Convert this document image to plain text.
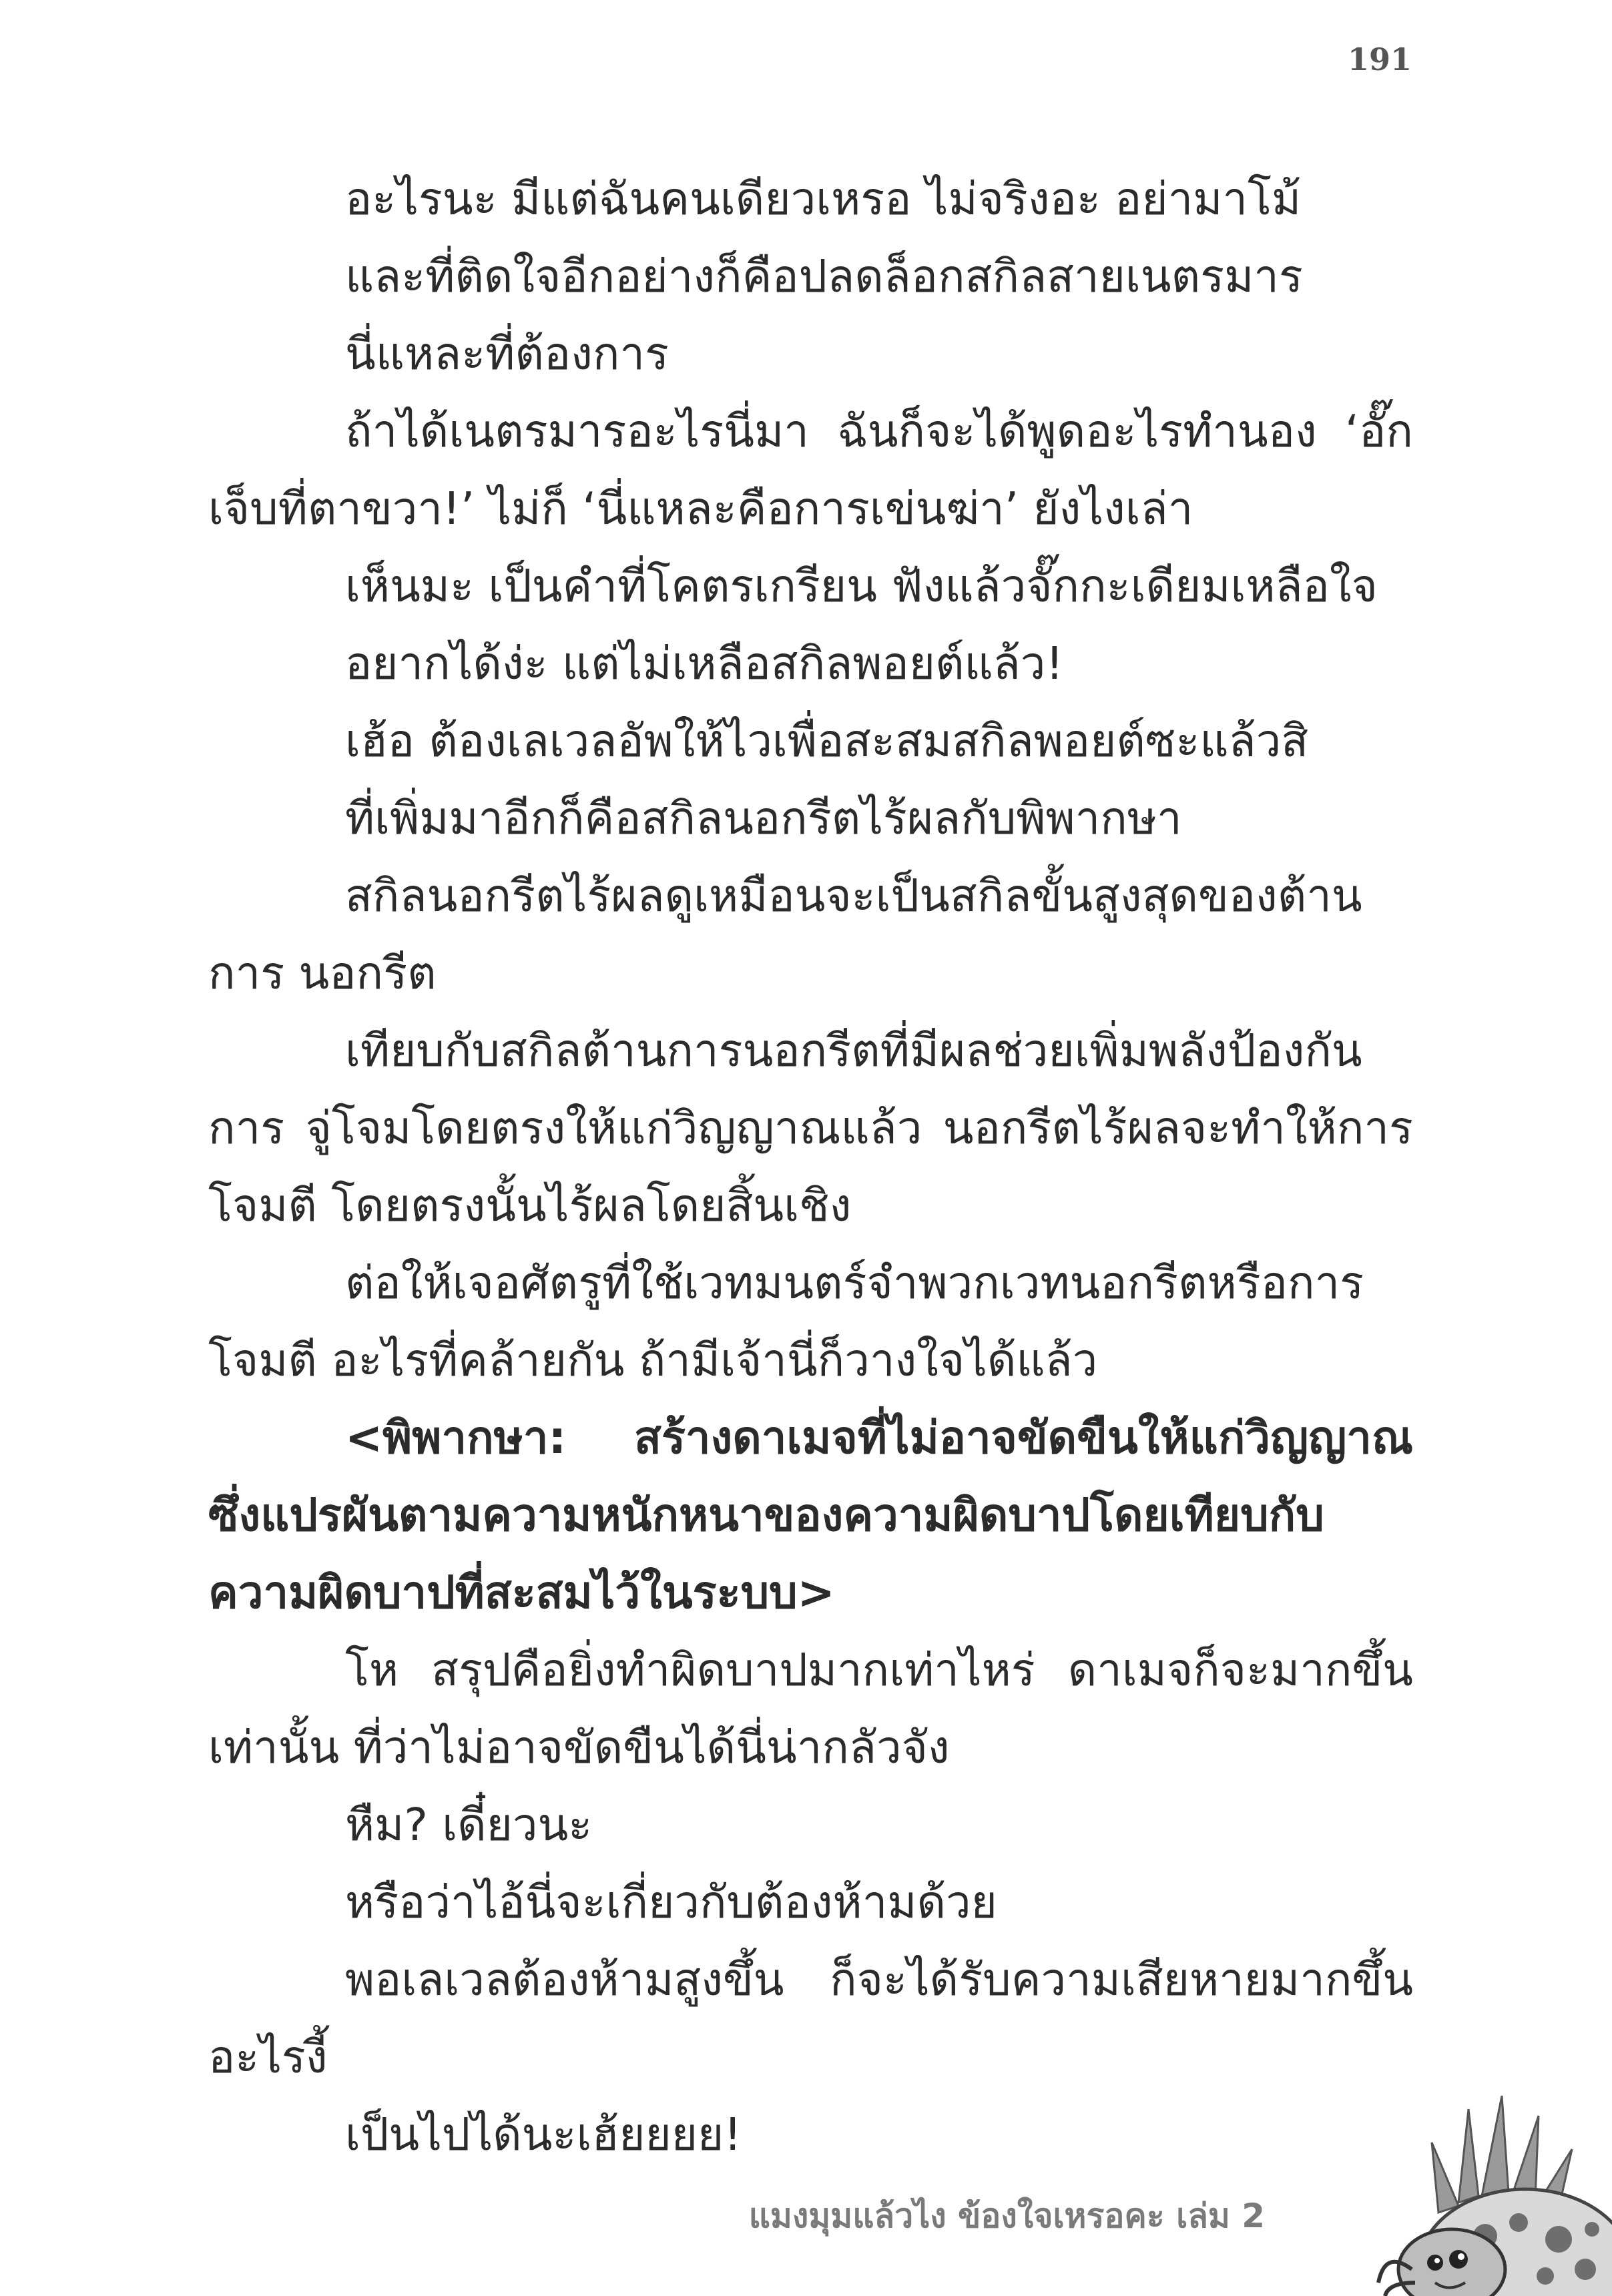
191

อะไรนะ มีแต่ฉันคนเดียวเหรอ ไม่จริงอะ อย่ามาโม้

และที่ติดใจอีกอย่างก็คือปลดล็อกสกิลสายเนตรมาร

นี่แหละที่ต้องการ

ถ้าได้เนตรมารอะไรนี่มา ฉันก็จะได้พูดอะไรทำนอง ‘อั๊ก เจ็บที่ตาขวา!’ ไม่ก็ ‘นี่แหละคือการเข่นฆ่า’ ยังไงเล่า

เห็นมะ เป็นคำที่โคตรเกรียน ฟังแล้วจั๊กกะเดียมเหลือใจ

อยากได้ง่ะ แต่ไม่เหลือสกิลพอยต์แล้ว!

เฮ้อ ต้องเลเวลอัพให้ไวเพื่อสะสมสกิลพอยต์ซะแล้วสิ

ที่เพิ่มมาอีกก็คือสกิลนอกรีตไร้ผลกับพิพากษา

สกิลนอกรีตไร้ผลดูเหมือนจะเป็นสกิลขั้นสูงสุดของต้านการ นอกรีต

เทียบกับสกิลต้านการนอกรีตที่มีผลช่วยเพิ่มพลังป้องกันการ จู่โจมโดยตรงให้แก่วิญญาณแล้ว นอกรีตไร้ผลจะทำให้การโจมตี โดยตรงนั้นไร้ผลโดยสิ้นเชิง

ต่อให้เจอศัตรูที่ใช้เวทมนตร์จำพวกเวทนอกรีตหรือการโจมตี อะไรที่คล้ายกัน ถ้ามีเจ้านี่ก็วางใจได้แล้ว

<พิพากษา: สร้างดาเมจที่ไม่อาจขัดขืนให้แก่วิญญาณ ซึ่งแปรผันตามความหนักหนาของความผิดบาปโดยเทียบกับ ความผิดบาปที่สะสมไว้ในระบบ>

โห สรุปคือยิ่งทำผิดบาปมากเท่าไหร่ ดาเมจก็จะมากขึ้น เท่านั้น ที่ว่าไม่อาจขัดขืนได้นี่น่ากลัวจัง

หืม? เดี๋ยวนะ

หรือว่าไอ้นี่จะเกี่ยวกับต้องห้ามด้วย

พอเลเวลต้องห้ามสูงขึ้น ก็จะได้รับความเสียหายมากขึ้น อะไรงี้

เป็นไปได้นะเฮ้ยยยย!

แมงมุมแล้วไง ข้องใจเหรอคะ เล่ม 2
